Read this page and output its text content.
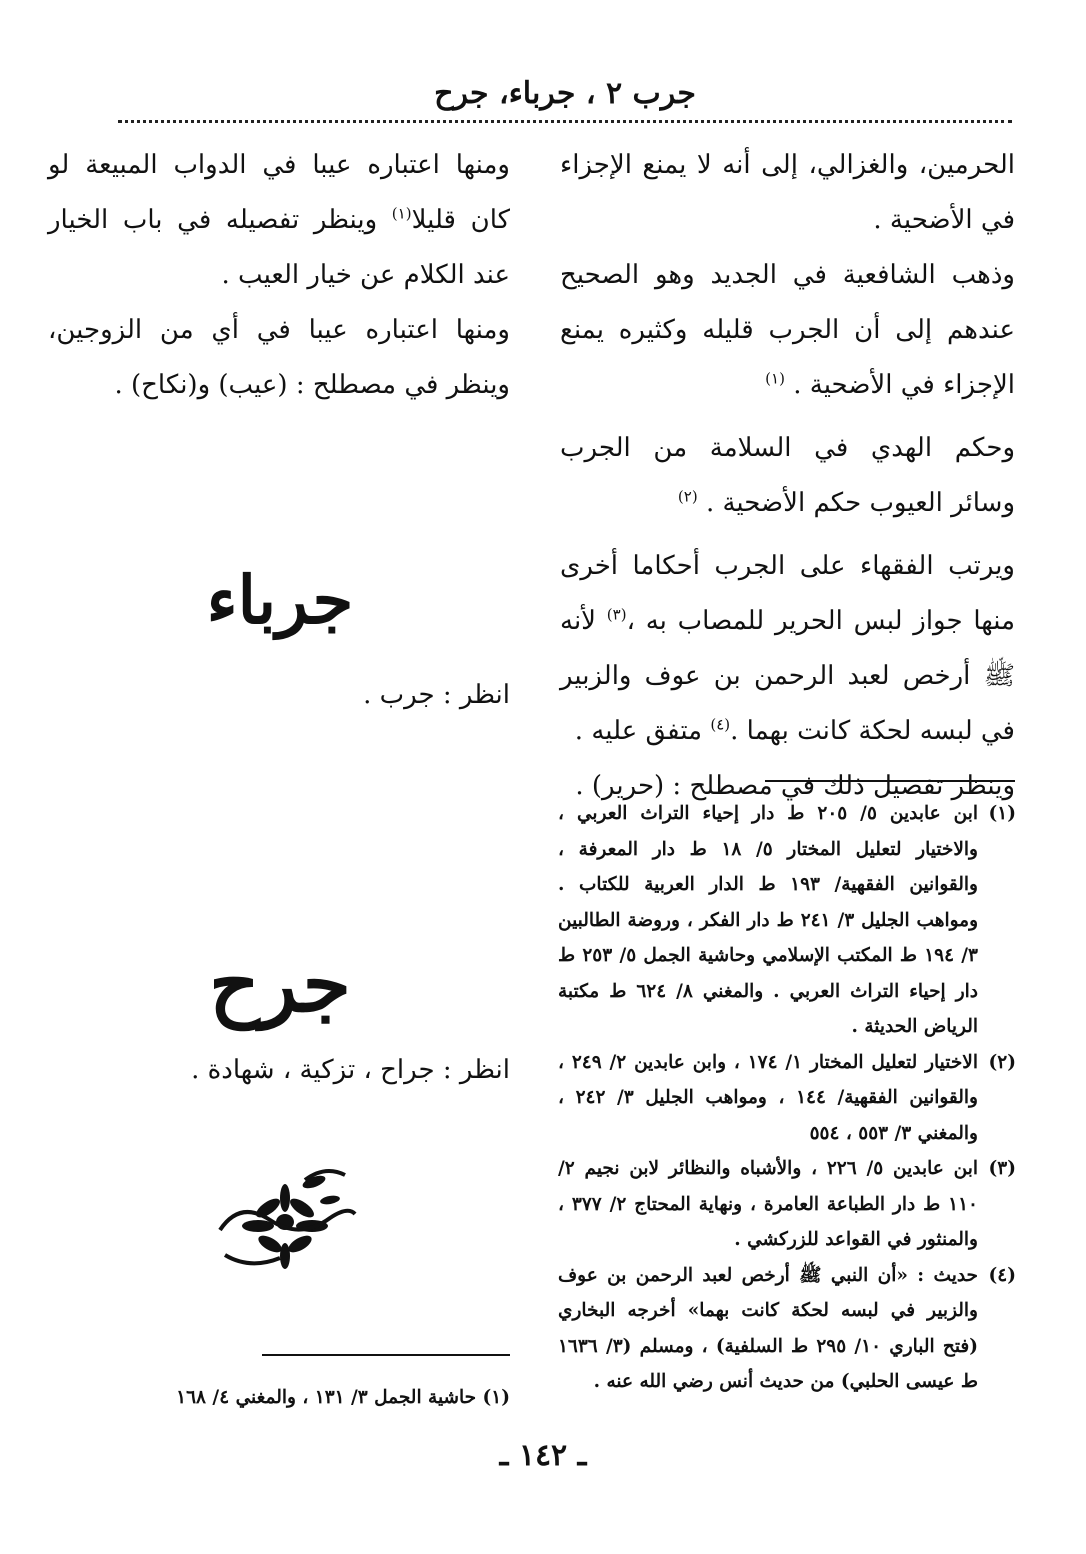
جرب ٢ ، جرباء، جرح

الحرمين، والغزالي، إلى أنه لا يمنع الإجزاء في الأضحية .

وذهب الشافعية في الجديد وهو الصحيح عندهم إلى أن الجرب قليله وكثيره يمنع الإجزاء في الأضحية . $^{(١)}$

وحكم الهدي في السلامة من الجرب وسائر العيوب حكم الأضحية . $^{(٢)}$

ويرتب الفقهاء على الجرب أحكاما أخرى منها جواز لبس الحرير للمصاب به ،$^{(٣)}$ لأنه ﷺ أرخص لعبد الرحمن بن عوف والزبير في لبسه لحكة كانت بهما .$^{(٤)}$ متفق عليه .

وينظر تفصيل ذلك في مصطلح : (حرير) .

(١)
ابن عابدين ٥/ ٢٠٥ ط دار إحياء التراث العربي ، والاختيار لتعليل المختار ٥/ ١٨ ط دار المعرفة ، والقوانين الفقهية/ ١٩٣ ط الدار العربية للكتاب . ومواهب الجليل ٣/ ٢٤١ ط دار الفكر ، وروضة الطالبين ٣/ ١٩٤ ط المكتب الإسلامي وحاشية الجمل ٥/ ٢٥٣ ط دار إحياء التراث العربي . والمغني ٨/ ٦٢٤ ط مكتبة الرياض الحديثة .

(٢)
الاختيار لتعليل المختار ١/ ١٧٤ ، وابن عابدين ٢/ ٢٤٩ ، والقوانين الفقهية/ ١٤٤ ، ومواهب الجليل ٣/ ٢٤٢ ، والمغني ٣/ ٥٥٣ ، ٥٥٤

(٣)
ابن عابدين ٥/ ٢٢٦ ، والأشباه والنظائر لابن نجيم ٢/ ١١٠ ط دار الطباعة العامرة ، ونهاية المحتاج ٢/ ٣٧٧ ، والمنثور في القواعد للزركشي .

(٤)
حديث : «أن النبي ﷺ أرخص لعبد الرحمن بن عوف والزبير في لبسه لحكة كانت بهما» أخرجه البخاري (فتح الباري ١٠/ ٢٩٥ ط السلفية) ، ومسلم (٣/ ١٦٣٦ ط عيسى الحلبي) من حديث أنس رضي الله عنه .

ومنها اعتباره عيبا في الدواب المبيعة لو كان قليلا$^{(١)}$ وينظر تفصيله في باب الخيار عند الكلام عن خيار العيب .

ومنها اعتباره عيبا في أي من الزوجين، وينظر في مصطلح : (عيب) و(نكاح) .

جرباء
انظر : جرب .
جرح
انظر : جراح ، تزكية ، شهادة .
(١) حاشية الجمل ٣/ ١٣١ ، والمغني ٤/ ١٦٨
ـ ١٤٢ ـ
